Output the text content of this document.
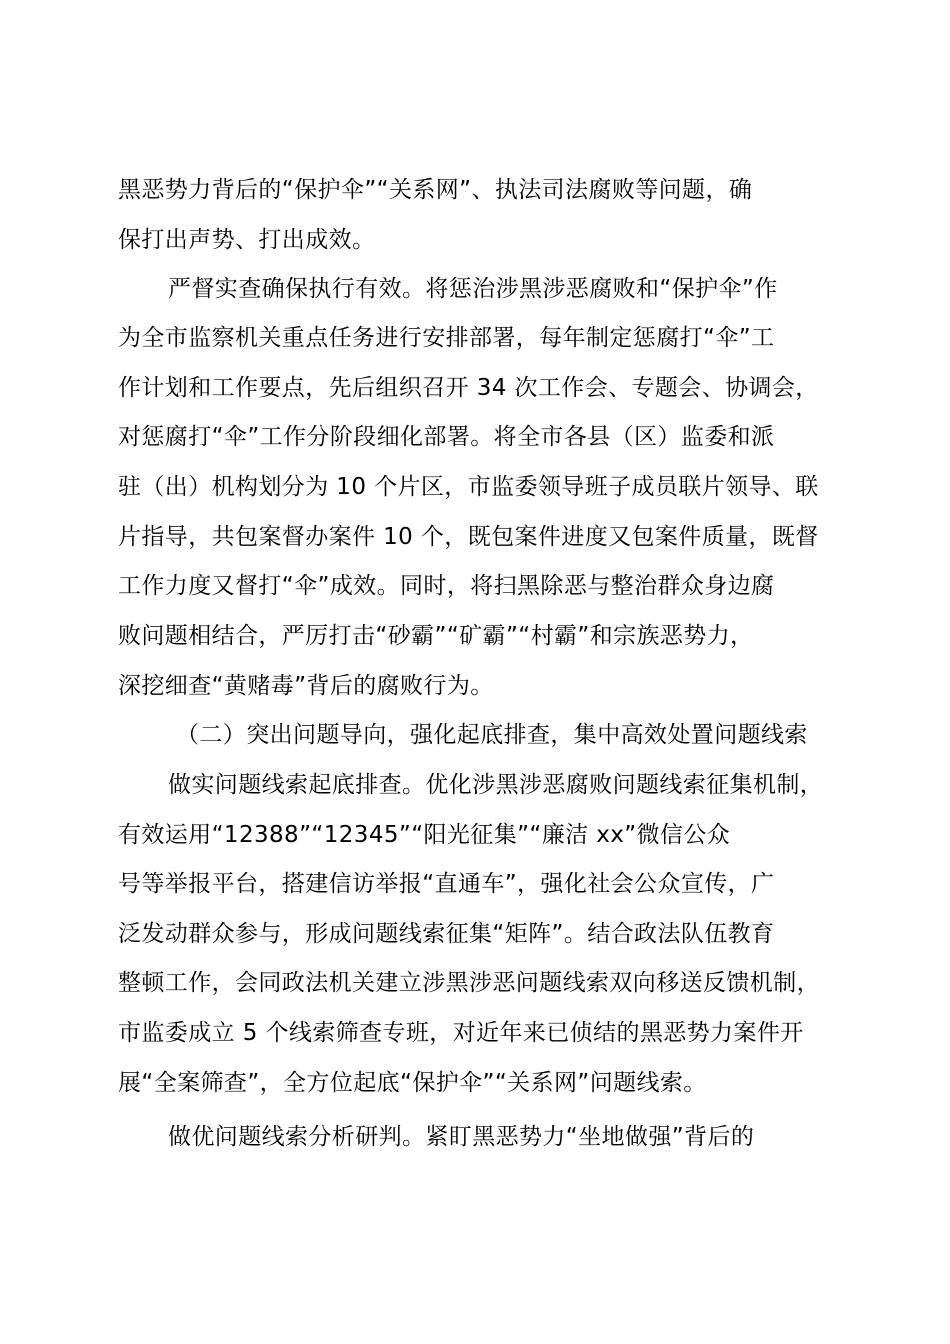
黑恶势力背后的“保护伞”“关系网”、执法司法腐败等问题，确
保打出声势、打出成效。
严督实查确保执行有效。将惩治涉黑涉恶腐败和“保护伞”作
为全市监察机关重点任务进行安排部署，每年制定惩腐打“伞”工
作计划和工作要点，先后组织召开 34 次工作会、专题会、协调会，
对惩腐打“伞”工作分阶段细化部署。将全市各县（区）监委和派
驻（出）机构划分为 10 个片区，市监委领导班子成员联片领导、联
片指导，共包案督办案件 10 个，既包案件进度又包案件质量，既督
工作力度又督打“伞”成效。同时，将扫黑除恶与整治群众身边腐
败问题相结合，严厉打击“砂霸”“矿霸”“村霸”和宗族恶势力，
深挖细查“黄赌毒”背后的腐败行为。
（二）突出问题导向，强化起底排查，集中高效处置问题线索
做实问题线索起底排查。优化涉黑涉恶腐败问题线索征集机制，
有效运用“12388”“12345”“阳光征集”“廉洁 xx”微信公众
号等举报平台，搭建信访举报“直通车”，强化社会公众宣传，广
泛发动群众参与，形成问题线索征集“矩阵”。结合政法队伍教育
整顿工作，会同政法机关建立涉黑涉恶问题线索双向移送反馈机制，
市监委成立 5 个线索筛查专班，对近年来已侦结的黑恶势力案件开
展“全案筛查”，全方位起底“保护伞”“关系网”问题线索。
做优问题线索分析研判。紧盯黑恶势力“坐地做强”背后的
